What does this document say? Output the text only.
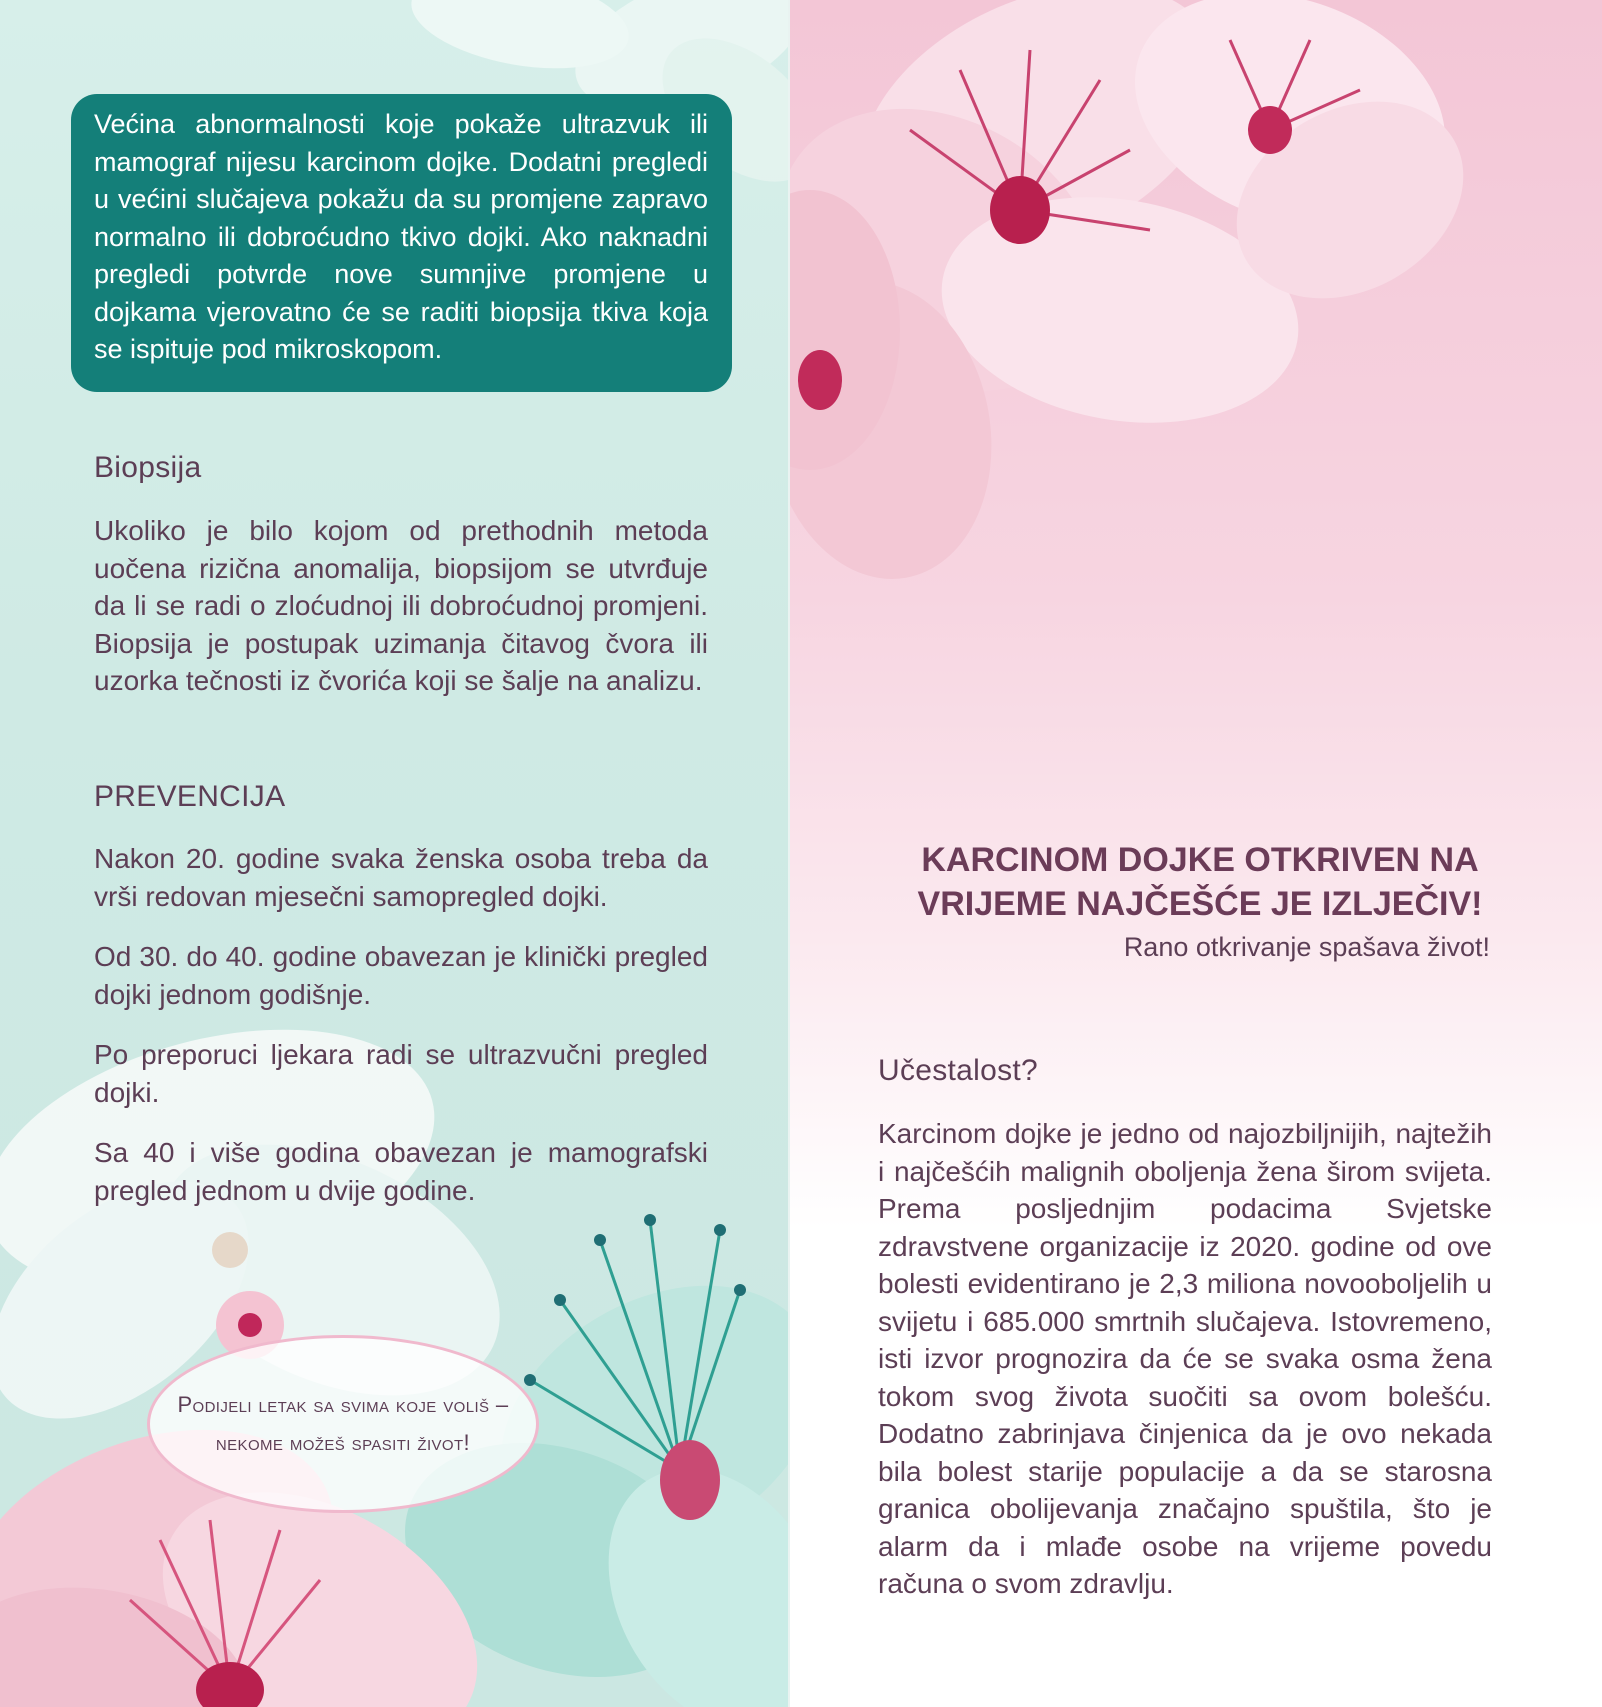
Većina abnormalnosti koje pokaže ultrazvuk ili mamograf nijesu karcinom dojke. Dodatni pregledi u većini slučajeva pokažu da su promjene zapravo normalno ili dobroćudno tkivo dojki. Ako naknadni pregledi potvrde nove sumnjive promjene u dojkama vjerovatno će se raditi biopsija tkiva koja se ispituje pod mikroskopom.
Biopsija
Ukoliko je bilo kojom od prethodnih metoda uočena rizična anomalija, biopsijom se utvrđuje da li se radi o zloćudnoj ili dobroćudnoj promjeni. Biopsija je postupak uzimanja čitavog čvora ili uzorka tečnosti iz čvorića koji se šalje na analizu.
PREVENCIJA

Nakon 20. godine svaka ženska osoba treba da vrši redovan mjesečni samopregled dojki.

Od 30. do 40. godine obavezan je klinički pregled dojki jednom godišnje.

Po preporuci ljekara radi se ultrazvučni pregled dojki.

Sa 40 i više godina obavezan je mamografski pregled jednom u dvije godine.

Podijeli letak sa svima koje voliš – nekome možeš spasiti život!
Učestalost?
Karcinom dojke je jedno od najozbiljnijih, najtežih i najčešćih malignih oboljenja žena širom svijeta. Prema posljednjim podacima Svjetske zdravstvene organizacije iz 2020. godine od ove bolesti evidentirano je 2,3 miliona novooboljelih u svijetu i 685.000 smrtnih slučajeva. Istovremeno, isti izvor prognozira da će se svaka osma žena tokom svog života suočiti sa ovom bolešću. Dodatno zabrinjava činjenica da je ovo nekada bila bolest starije populacije a da se starosna granica obolijevanja značajno spuštila, što je alarm da i mlađe osobe na vrijeme povedu računa o svom zdravlju.
KARCINOM DOJKE OTKRIVEN NA VRIJEME NAJČEŠĆE JE IZLJEČIV!
Rano otkrivanje spašava život!
